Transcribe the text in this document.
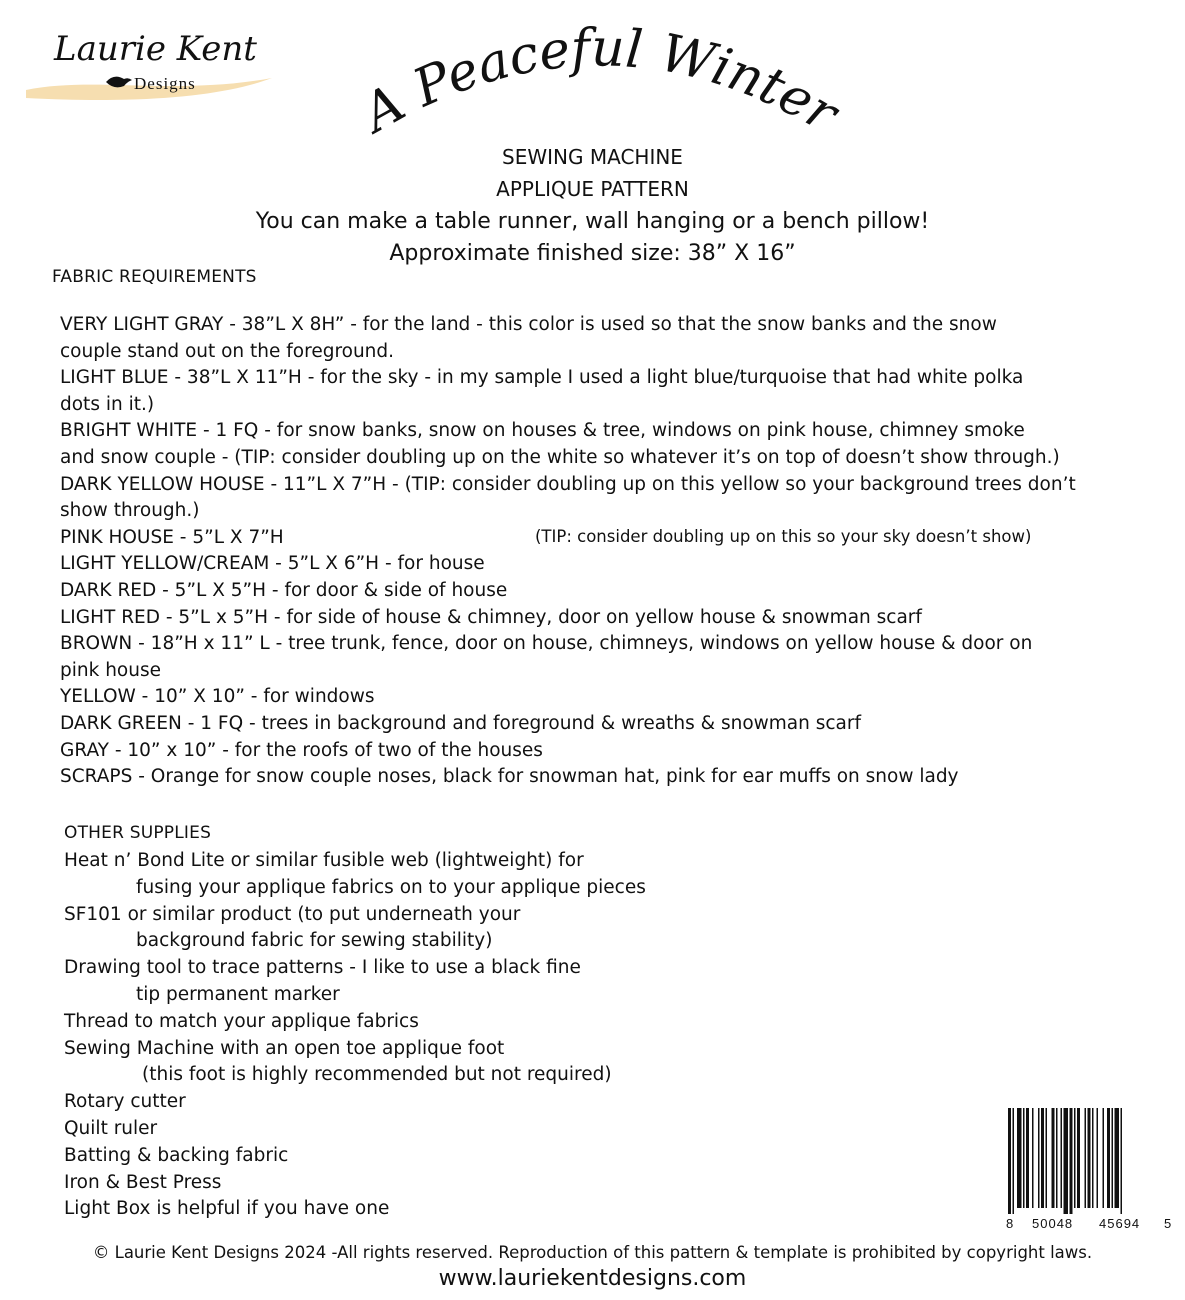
Laurie Kent
Designs	A Peaceful Winter
SEWING MACHINE
APPLIQUE PATTERN
You can make a table runner, wall hanging or a bench pillow!
Approximate finished size: 38” X 16”
FABRIC REQUIREMENTS
VERY LIGHT GRAY - 38”L X 8H” - for the land - this color is used so that the snow banks and the snow
couple stand out on the foreground.
LIGHT BLUE - 38”L X 11”H - for the sky - in my sample I used a light blue/turquoise that had white polka
dots in it.)
BRIGHT WHITE - 1 FQ - for snow banks, snow on houses & tree, windows on pink house, chimney smoke
and snow couple - (TIP: consider doubling up on the white so whatever it’s on top of doesn’t show through.)
DARK YELLOW HOUSE - 11”L X 7”H - (TIP: consider doubling up on this yellow so your background trees don’t
show through.)
PINK HOUSE - 5”L X 7”H
LIGHT YELLOW/CREAM - 5”L X 6”H - for house
DARK RED - 5”L X 5”H - for door & side of house
LIGHT RED - 5”L x 5”H - for side of house & chimney, door on yellow house & snowman scarf
BROWN - 18”H x 11” L - tree trunk, fence, door on house, chimneys, windows on yellow house & door on
pink house
YELLOW - 10” X 10” - for windows
DARK GREEN - 1 FQ - trees in background and foreground & wreaths & snowman scarf
GRAY - 10” x 10” - for the roofs of two of the houses
SCRAPS - Orange for snow couple noses, black for snowman hat, pink for ear muffs on snow lady
(TIP: consider doubling up on this so your sky doesn’t show)
OTHER SUPPLIES
Heat n’ Bond Lite or similar fusible web (lightweight) for
fusing your applique fabrics on to your applique pieces
SF101 or similar product (to put underneath your
background fabric for sewing stability)
Drawing tool to trace patterns - I like to use a black fine
tip permanent marker
Thread to match your applique fabrics
Sewing Machine with an open toe applique foot
(this foot is highly recommended but not required)
Rotary cutter
Quilt ruler
Batting & backing fabric
Iron & Best Press
Light Box is helpful if you have one
8 50048 45694 5
© Laurie Kent Designs 2024 -All rights reserved. Reproduction of this pattern & template is prohibited by copyright laws.
www.lauriekentdesigns.com
